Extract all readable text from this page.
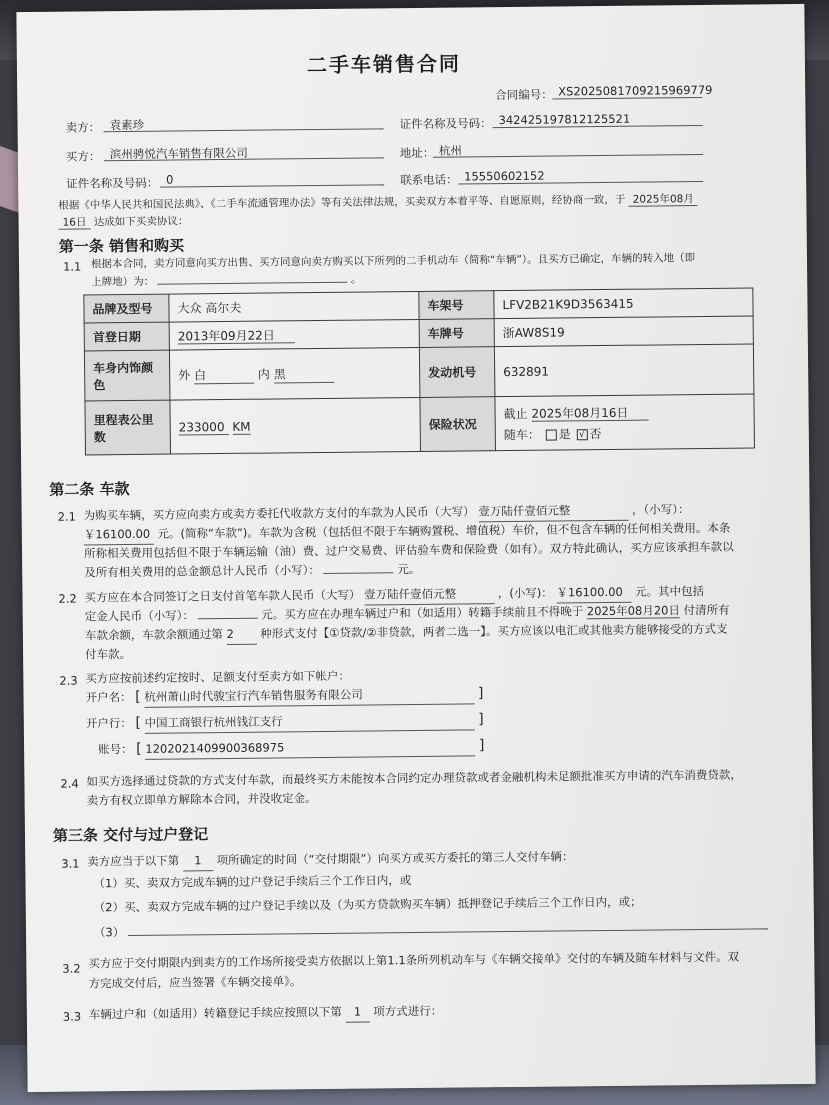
二手车销售合同
合同编号： XS2025081709215969779
卖方： 袁素珍	证件名称及号码： 342425197812125521
买方： 滨州骋悦汽车销售有限公司	地址： 杭州
证件名称及号码： 0	联系电话： 15550602152
根据《中华人民共和国民法典》、《二手车流通管理办法》等有关法律法规，买卖双方本着平等、自愿原则，经协商一致，于 2025年08月
16日 达成如下买卖协议：
第一条 销售和购买
1.1 根据本合同，卖方同意向买方出售、买方同意向卖方购买以下所列的二手机动车（简称“车辆”）。且买方已确定，车辆的转入地（即
上牌地）为：	。
品牌及型号	大众 高尔夫	车架号	LFV2B21K9D3563415
首登日期	2013年09月22日	车牌号	浙AW8S19
车身内饰颜色	外 白 内 黑	发动机号	632891
里程表公里数	233000 KM	保险状况	截止 2025年08月16日
随车： 是 √ 否
第二条 车款
2.1 为购买车辆，买方应向卖方或卖方委托代收款方支付的车款为人民币（大写） 壹万陆仟壹佰元整	，（小写）：
￥16100.00 元。(简称“车款”)。车款为含税（包括但不限于车辆购置税、增值税）车价，但不包含车辆的任何相关费用。本条
所称相关费用包括但不限于车辆运输（油）费、过户交易费、评估验车费和保险费（如有）。双方特此确认，买方应该承担车款以
及所有相关费用的总金额总计人民币（小写）：	元。
2.2 买方应在本合同签订之日支付首笔车款人民币（大写） 壹万陆仟壹佰元整	，(小写)： ￥16100.00 元。其中包括
定金人民币（小写）：	元。买方应在办理车辆过户和（如适用）转籍手续前且不得晚于 2025年08月20日 付清所有
车款余额，车款余额通过第 2 种形式支付【①贷款/②非贷款，两者二选一】。买方应该以电汇或其他卖方能够接受的方式支
付车款。
2.3 买方应按前述约定按时、足额支付至卖方如下帐户：
开户名： [ 杭州萧山时代骏宝行汽车销售服务有限公司	]
开户行： [ 中国工商银行杭州钱江支行	]
账号： [ 1202021409900368975	]
2.4 如买方选择通过贷款的方式支付车款，而最终买方未能按本合同约定办理贷款或者金融机构未足额批准买方申请的汽车消费贷款，
卖方有权立即单方解除本合同，并没收定金。
第三条 交付与过户登记
3.1 卖方应当于以下第 1 项所确定的时间（“交付期限”）向买方或买方委托的第三人交付车辆：
（1）买、卖双方完成车辆的过户登记手续后三个工作日内，或
（2）买、卖双方完成车辆的过户登记手续以及（为买方贷款购买车辆）抵押登记手续后三个工作日内，或；
（3）
3.2 买方应于交付期限内到卖方的工作场所接受卖方依据以上第1.1条所列机动车与《车辆交接单》交付的车辆及随车材料与文件。双
方完成交付后，应当签署《车辆交接单》。
3.3 车辆过户和（如适用）转籍登记手续应按照以下第 1 项方式进行：
